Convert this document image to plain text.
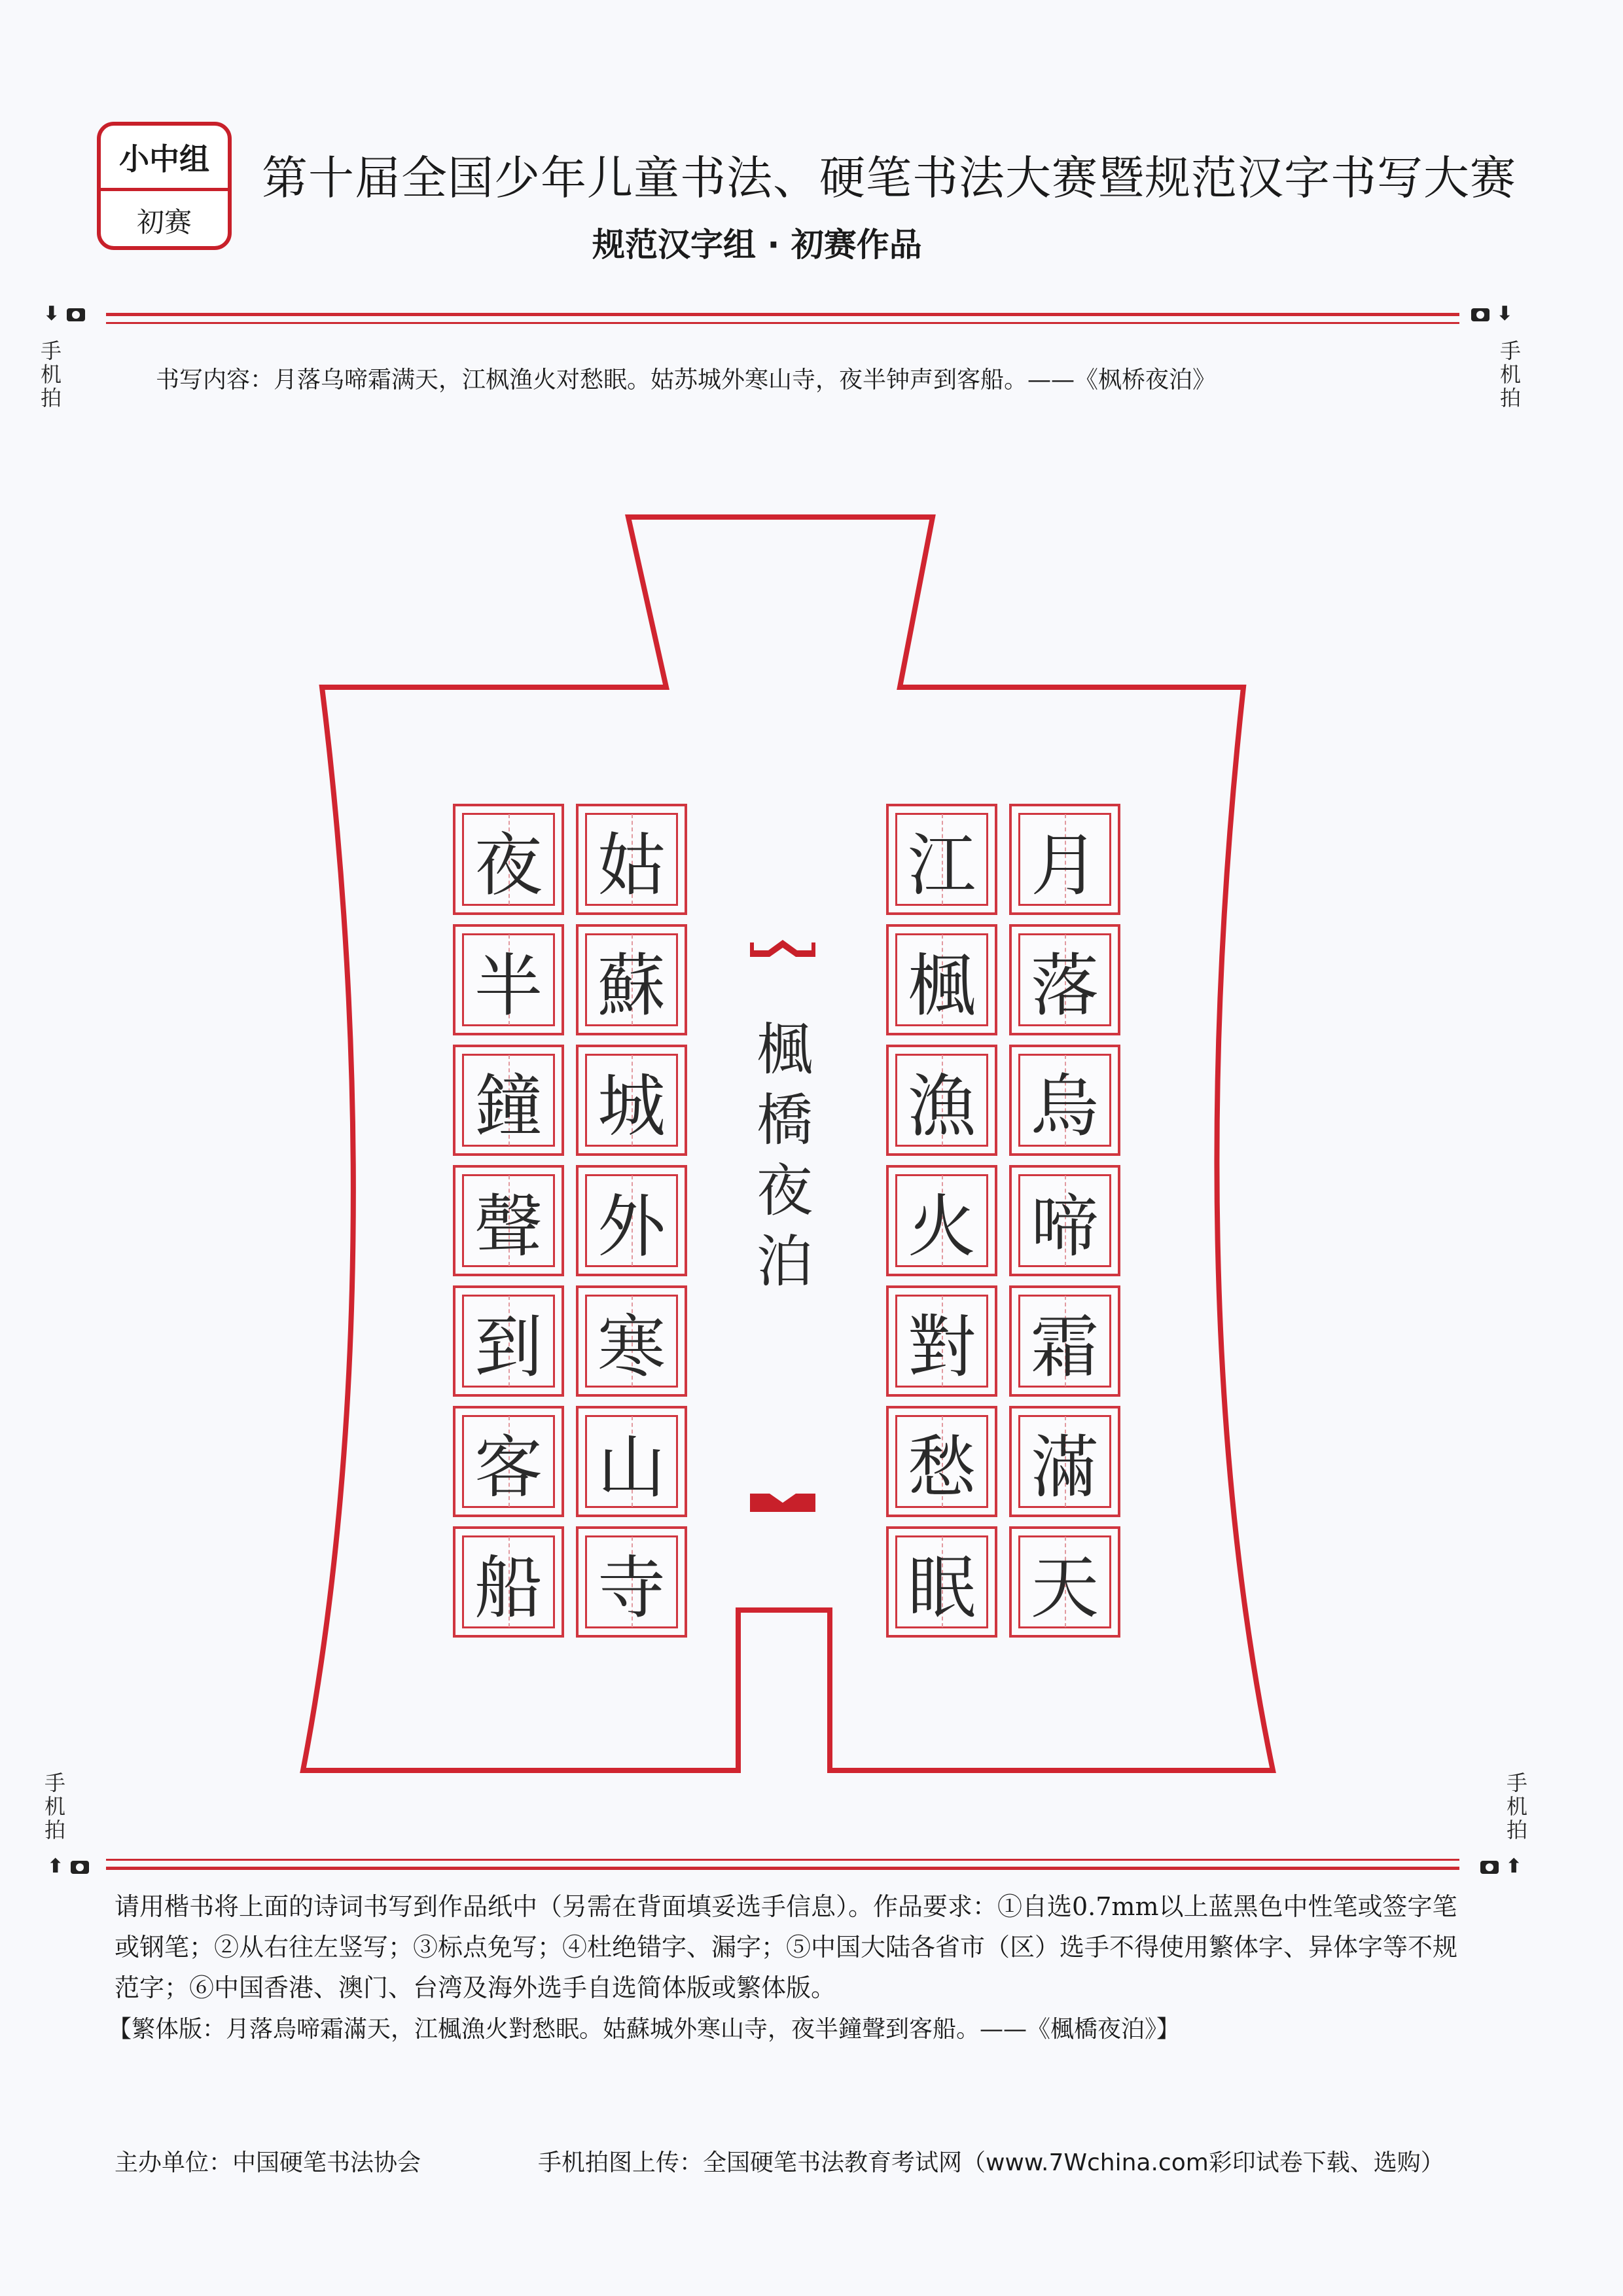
小中组
初赛
第十届全国少年儿童书法、硬笔书法大赛暨规范汉字书写大赛
规范汉字组 · 初赛作品
⬇
手机拍
⬇
手机拍
书写内容：月落乌啼霜满天，江枫渔火对愁眠。姑苏城外寒山寺，夜半钟声到客船。——《枫桥夜泊》
夜
半
鐘
聲
到
客
船
姑
蘇
城
外
寒
山
寺
江
楓
漁
火
對
愁
眠
月
落
烏
啼
霜
滿
天
楓橋夜泊
手机拍
⬆
手机拍
⬆
请用楷书将上面的诗词书写到作品纸中（另需在背面填妥选手信息）。作品要求：①自选0.7mm以上蓝黑色中性笔或签字笔或钢笔；②从右往左竖写；③标点免写；④杜绝错字、漏字；⑤中国大陆各省市（区）选手不得使用繁体字、异体字等不规范字；⑥中国香港、澳门、台湾及海外选手自选简体版或繁体版。
【繁体版：月落烏啼霜滿天，江楓漁火對愁眠。姑蘇城外寒山寺，夜半鐘聲到客船。——《楓橋夜泊》】
主办单位：中国硬笔书法协会	手机拍图上传：全国硬笔书法教育考试网（www.7Wchina.com彩印试卷下载、选购）
